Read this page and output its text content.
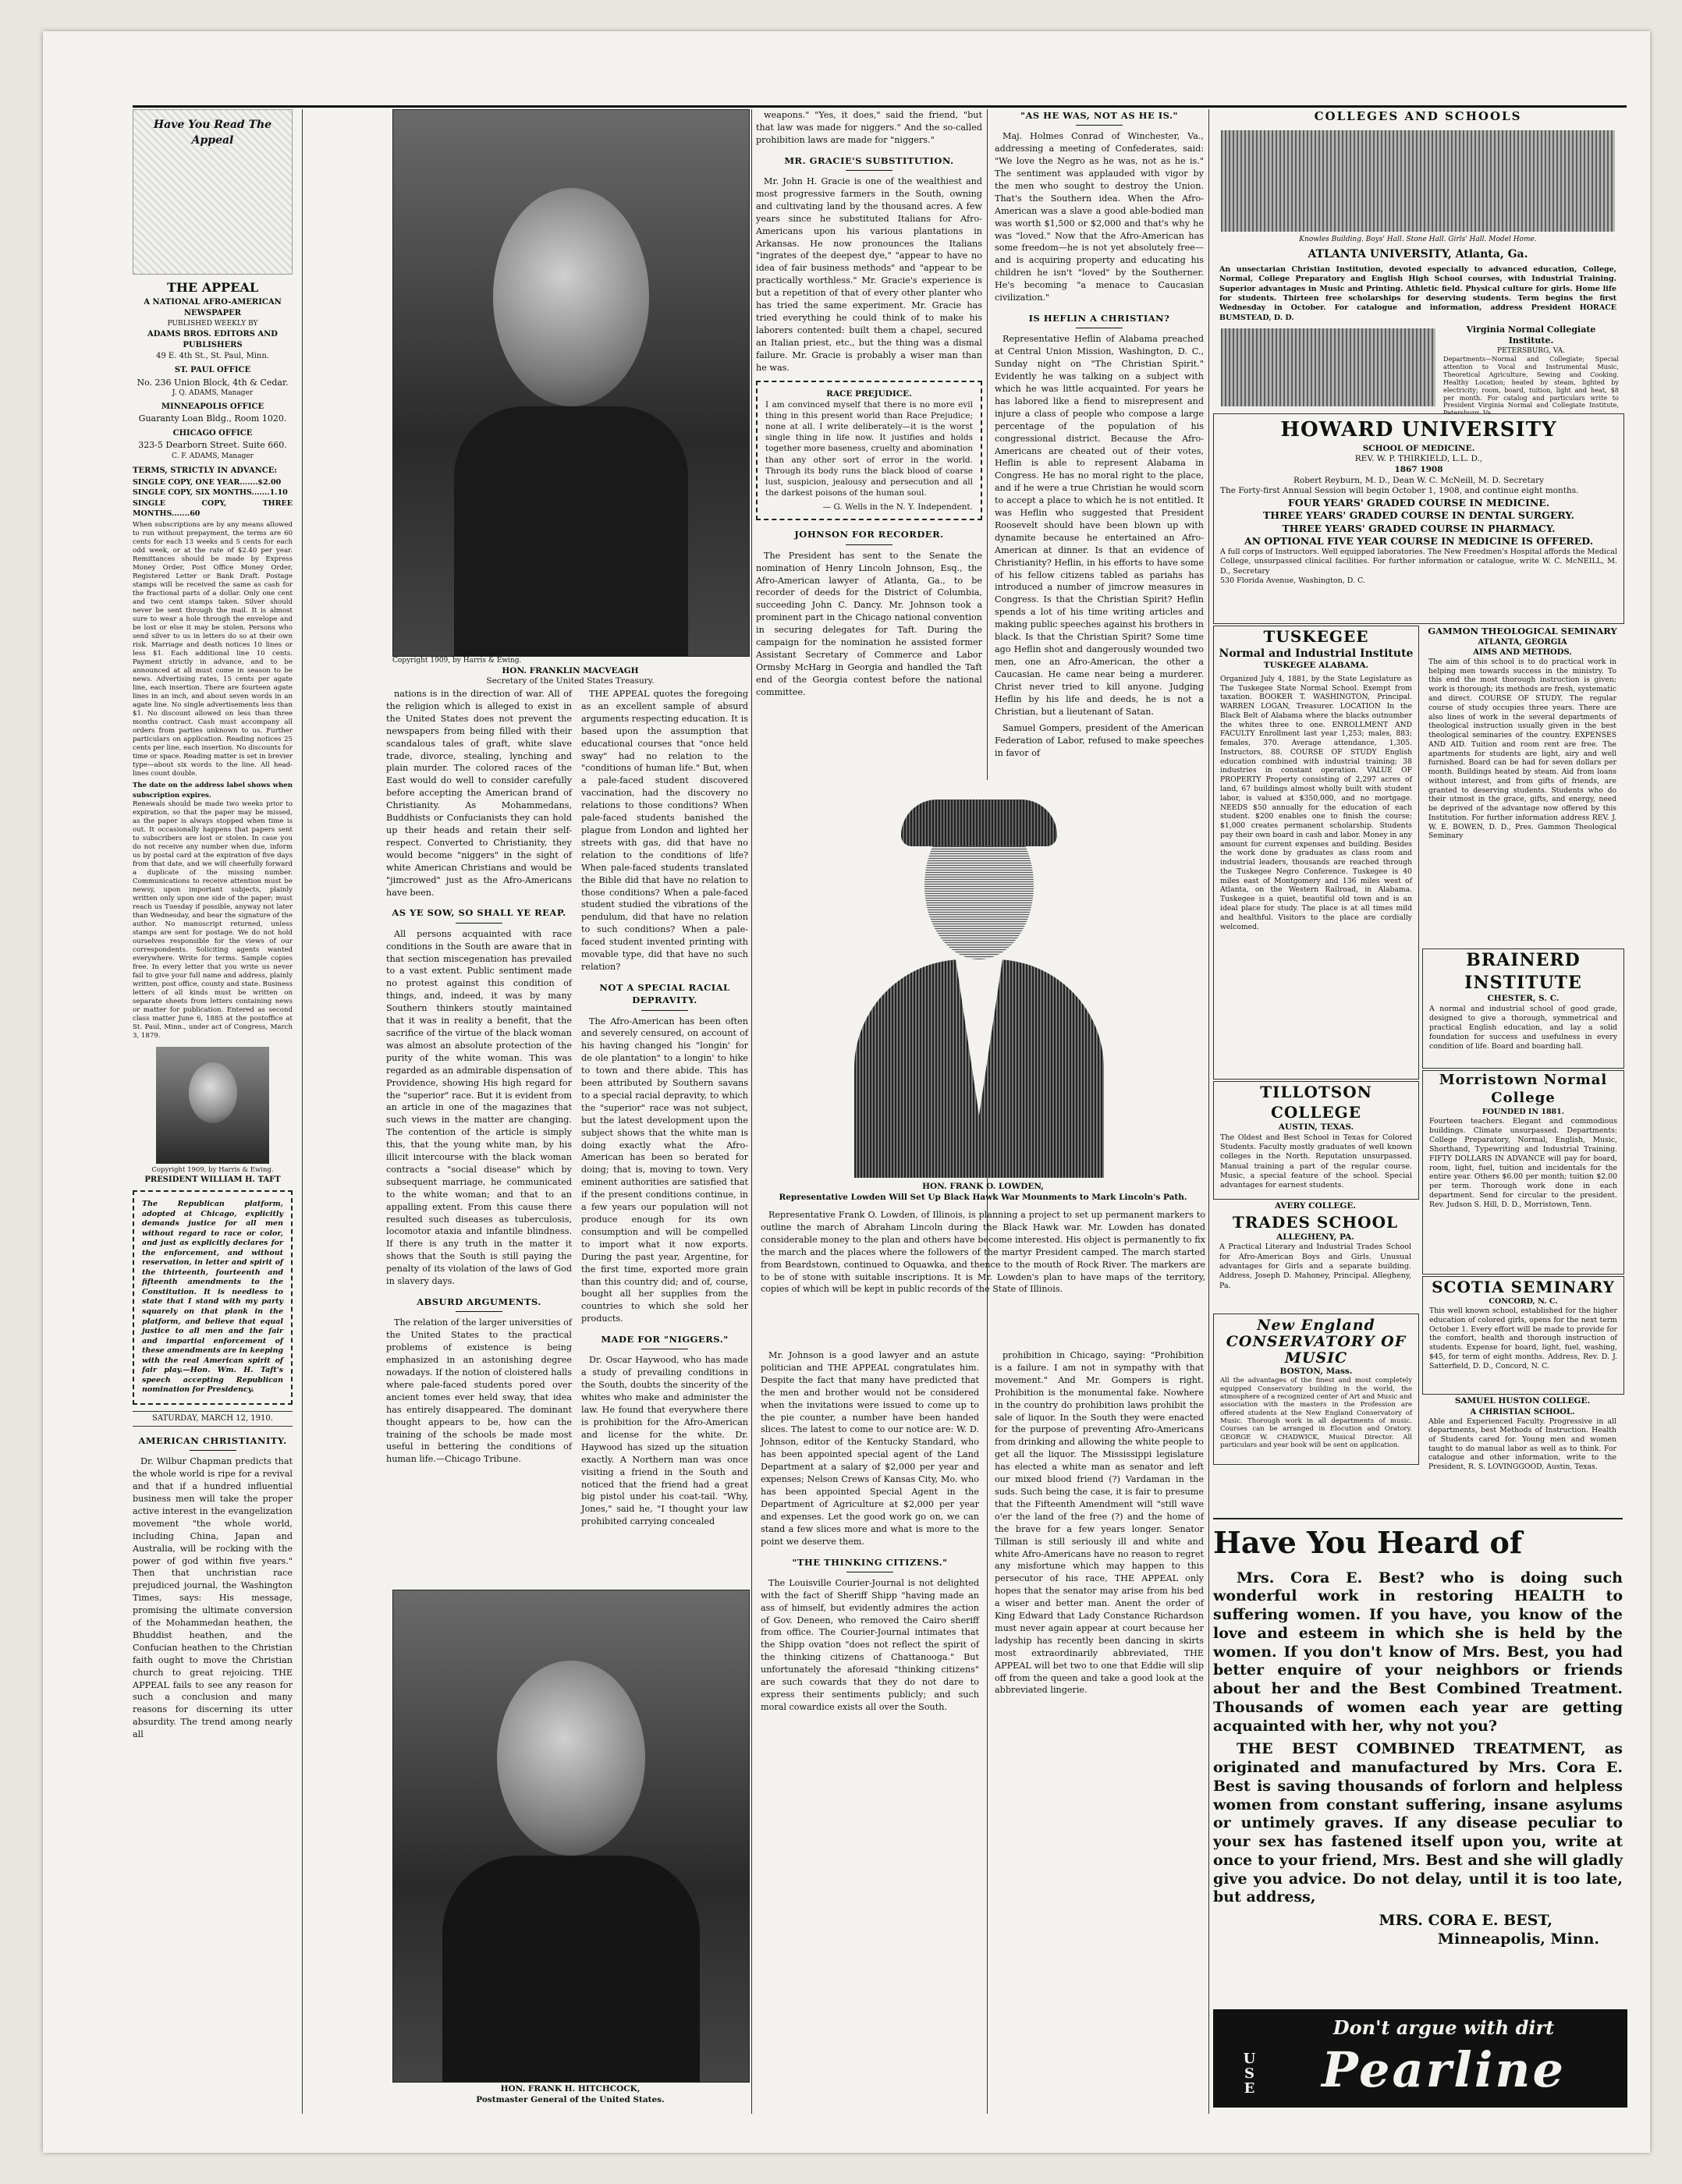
Have You Read The Appeal
THE APPEAL
A NATIONAL AFRO-AMERICAN NEWSPAPER
PUBLISHED WEEKLY BY
ADAMS BROS. EDITORS AND PUBLISHERS
49 E. 4th St., St. Paul, Minn.
ST. PAUL OFFICE
No. 236 Union Block, 4th & Cedar.
J. Q. ADAMS, Manager
MINNEAPOLIS OFFICE
Guaranty Loan Bldg., Room 1020.
CHICAGO OFFICE
323-5 Dearborn Street. Suite 660.
C. F. ADAMS, Manager
TERMS, STRICTLY IN ADVANCE:
SINGLE COPY, ONE YEAR.......$2.00
SINGLE COPY, SIX MONTHS.......1.10
SINGLE COPY, THREE MONTHS.......60
When subscriptions are by any means allowed to run without prepayment, the terms are 60 cents for each 13 weeks and 5 cents for each odd week, or at the rate of $2.40 per year. Remittances should be made by Express Money Order, Post Office Money Order, Registered Letter or Bank Draft. Postage stamps will be received the same as cash for the fractional parts of a dollar. Only one cent and two cent stamps taken. Silver should never be sent through the mail. It is almost sure to wear a hole through the envelope and be lost or else it may be stolen. Persons who send silver to us in letters do so at their own risk. Marriage and death notices 10 lines or less $1. Each additional line 10 cents. Payment strictly in advance, and to be announced at all must come in season to be news. Advertising rates, 15 cents per agate line, each insertion. There are fourteen agate lines in an inch, and about seven words in an agate line. No single advertisements less than $1. No discount allowed on less than three months contract. Cash must accompany all orders from parties unknown to us. Further particulars on application. Reading notices 25 cents per line, each insertion. No discounts for time or space. Reading matter is set in brevier type—about six words to the line. All head-lines count double.
The date on the address label shows when subscription expires.
Renewals should be made two weeks prior to expiration, so that the paper may be missed, as the paper is always stopped when time is out. It occasionally happens that papers sent to subscribers are lost or stolen. In case you do not receive any number when due, inform us by postal card at the expiration of five days from that date, and we will cheerfully forward a duplicate of the missing number. Communications to receive attention must be newsy, upon important subjects, plainly written only upon one side of the paper; must reach us Tuesday if possible, anyway not later than Wednesday, and bear the signature of the author. No manuscript returned, unless stamps are sent for postage. We do not hold ourselves responsible for the views of our correspondents. Soliciting agents wanted everywhere. Write for terms. Sample copies free. In every letter that you write us never fail to give your full name and address, plainly written, post office, county and state. Business letters of all kinds must be written on separate sheets from letters containing news or matter for publication. Entered as second class matter June 6, 1885 at the postoffice at St. Paul, Minn., under act of Congress, March 3, 1879.
Copyright 1909, by Harris & Ewing.
PRESIDENT WILLIAM H. TAFT
The Republican platform, adopted at Chicago, explicitly demands justice for all men without regard to race or color, and just as explicitly declares for the enforcement, and without reservation, in letter and spirit of the thirteenth, fourteenth and fifteenth amendments to the Constitution. It is needless to state that I stand with my party squarely on that plank in the platform, and believe that equal justice to all men and the fair and impartial enforcement of these amendments are in keeping with the real American spirit of fair play.—Hon. Wm. H. Taft's speech accepting Republican nomination for Presidency.
SATURDAY, MARCH 12, 1910.
AMERICAN CHRISTIANITY.

Dr. Wilbur Chapman predicts that the whole world is ripe for a revival and that if a hundred influential business men will take the proper active interest in the evangelization movement "the whole world, including China, Japan and Australia, will be rocking with the power of god within five years." Then that unchristian race prejudiced journal, the Washington Times, says: His message, promising the ultimate conversion of the Mohammedan heathen, the Bhuddist heathen, and the Confucian heathen to the Christian faith ought to move the Christian church to great rejoicing. THE APPEAL fails to see any reason for such a conclusion and many reasons for discerning its utter absurdity. The trend among nearly all

Copyright 1909, by Harris & Ewing.
HON. FRANKLIN MACVEAGH
Secretary of the United States Treasury.

nations is in the direction of war. All of the religion which is alleged to exist in the United States does not prevent the newspapers from being filled with their scandalous tales of graft, white slave trade, divorce, stealing, lynching and plain murder. The colored races of the East would do well to consider carefully before accepting the American brand of Christianity. As Mohammedans, Buddhists or Confucianists they can hold up their heads and retain their self-respect. Converted to Christianity, they would become "niggers" in the sight of white American Christians and would be "jimcrowed" just as the Afro-Americans have been.

AS YE SOW, SO SHALL YE REAP.

All persons acquainted with race conditions in the South are aware that in that section miscegenation has prevailed to a vast extent. Public sentiment made no protest against this condition of things, and, indeed, it was by many Southern thinkers stoutly maintained that it was in reality a benefit, that the sacrifice of the virtue of the black woman was almost an absolute protection of the purity of the white woman. This was regarded as an admirable dispensation of Providence, showing His high regard for the "superior" race. But it is evident from an article in one of the magazines that such views in the matter are changing. The contention of the article is simply this, that the young white man, by his illicit intercourse with the black woman contracts a "social disease" which by subsequent marriage, he communicated to the white woman; and that to an appalling extent. From this cause there resulted such diseases as tuberculosis, locomotor ataxia and infantile blindness. If there is any truth in the matter it shows that the South is still paying the penalty of its violation of the laws of God in slavery days.

ABSURD ARGUMENTS.

The relation of the larger universities of the United States to the practical problems of existence is being emphasized in an astonishing degree nowadays. If the notion of cloistered halls where pale-faced students pored over ancient tomes ever held sway, that idea has entirely disappeared. The dominant thought appears to be, how can the training of the schools be made most useful in bettering the conditions of human life.—Chicago Tribune.

THE APPEAL quotes the foregoing as an excellent sample of absurd arguments respecting education. It is based upon the assumption that educational courses that "once held sway" had no relation to the "conditions of human life." But, when a pale-faced student discovered vaccination, had the discovery no relations to those conditions? When pale-faced students banished the plague from London and lighted her streets with gas, did that have no relation to the conditions of life? When pale-faced students translated the Bible did that have no relation to those conditions? When a pale-faced student studied the vibrations of the pendulum, did that have no relation to such conditions? When a pale-faced student invented printing with movable type, did that have no such relation?

NOT A SPECIAL RACIAL DEPRAVITY.

The Afro-American has been often and severely censured, on account of his having changed his "longin' for de ole plantation" to a longin' to hike to town and there abide. This has been attributed by Southern savans to a special racial depravity, to which the "superior" race was not subject, but the latest development upon the subject shows that the white man is doing exactly what the Afro-American has been so berated for doing; that is, moving to town. Very eminent authorities are satisfied that if the present conditions continue, in a few years our population will not produce enough for its own consumption and will be compelled to import what it now exports. During the past year, Argentine, for the first time, exported more grain than this country did; and of, course, bought all her supplies from the countries to which she sold her products.

MADE FOR "NIGGERS."

Dr. Oscar Haywood, who has made a study of prevailing conditions in the South, doubts the sincerity of the whites who make and administer the law. He found that everywhere there is prohibition for the Afro-American and license for the white. Dr. Haywood has sized up the situation exactly. A Northern man was once visiting a friend in the South and noticed that the friend had a great big pistol under his coat-tail. "Why, Jones," said he, "I thought your law prohibited carrying concealed

HON. FRANK H. HITCHCOCK,
Postmaster General of the United States.

weapons." "Yes, it does," said the friend, "but that law was made for niggers." And the so-called prohibition laws are made for "niggers."

MR. GRACIE'S SUBSTITUTION.

Mr. John H. Gracie is one of the wealthiest and most progressive farmers in the South, owning and cultivating land by the thousand acres. A few years since he substituted Italians for Afro-Americans upon his various plantations in Arkansas. He now pronounces the Italians "ingrates of the deepest dye," "appear to have no idea of fair business methods" and "appear to be practically worthless." Mr. Gracie's experience is but a repetition of that of every other planter who has tried the same experiment. Mr. Gracie has tried everything he could think of to make his laborers contented: built them a chapel, secured an Italian priest, etc., but the thing was a dismal failure. Mr. Gracie is probably a wiser man than he was.

RACE PREJUDICE.
I am convinced myself that there is no more evil thing in this present world than Race Prejudice; none at all. I write deliberately—it is the worst single thing in life now. It justifies and holds together more baseness, cruelty and abomination than any other sort of error in the world. Through its body runs the black blood of coarse lust, suspicion, jealousy and persecution and all the darkest poisons of the human soul.
— G. Wells in the N. Y. Independent.
JOHNSON FOR RECORDER.

The President has sent to the Senate the nomination of Henry Lincoln Johnson, Esq., the Afro-American lawyer of Atlanta, Ga., to be recorder of deeds for the District of Columbia, succeeding John C. Dancy. Mr. Johnson took a prominent part in the Chicago national convention in securing delegates for Taft. During the campaign for the nomination he assisted former Assistant Secretary of Commerce and Labor Ormsby McHarg in Georgia and handled the Taft end of the Georgia contest before the national committee.

"AS HE WAS, NOT AS HE IS."

Maj. Holmes Conrad of Winchester, Va., addressing a meeting of Confederates, said: "We love the Negro as he was, not as he is." The sentiment was applauded with vigor by the men who sought to destroy the Union. That's the Southern idea. When the Afro-American was a slave a good able-bodied man was worth $1,500 or $2,000 and that's why he was "loved." Now that the Afro-American has some freedom—he is not yet absolutely free—and is acquiring property and educating his children he isn't "loved" by the Southerner. He's becoming "a menace to Caucasian civilization."

IS HEFLIN A CHRISTIAN?

Representative Heflin of Alabama preached at Central Union Mission, Washington, D. C., Sunday night on "The Christian Spirit." Evidently he was talking on a subject with which he was little acquainted. For years he has labored like a fiend to misrepresent and injure a class of people who compose a large percentage of the population of his congressional district. Because the Afro-Americans are cheated out of their votes, Heflin is able to represent Alabama in Congress. He has no moral right to the place, and if he were a true Christian he would scorn to accept a place to which he is not entitled. It was Heflin who suggested that President Roosevelt should have been blown up with dynamite because he entertained an Afro-American at dinner. Is that an evidence of Christianity? Heflin, in his efforts to have some of his fellow citizens tabled as pariahs has introduced a number of jimcrow measures in Congress. Is that the Christian Spirit? Heflin spends a lot of his time writing articles and making public speeches against his brothers in black. Is that the Christian Spirit? Some time ago Heflin shot and dangerously wounded two men, one an Afro-American, the other a Caucasian. He came near being a murderer. Christ never tried to kill anyone. Judging Heflin by his life and deeds, he is not a Christian, but a lieutenant of Satan.

Samuel Gompers, president of the American Federation of Labor, refused to make speeches in favor of

HON. FRANK O. LOWDEN,
Representative Lowden Will Set Up Black Hawk War Mounments to Mark Lincoln's Path.

Representative Frank O. Lowden, of Illinois, is planning a project to set up permanent markers to outline the march of Abraham Lincoln during the Black Hawk war. Mr. Lowden has donated considerable money to the plan and others have become interested. His object is permanently to fix the march and the places where the followers of the martyr President camped. The march started from Beardstown, continued to Oquawka, and thence to the mouth of Rock River. The markers are to be of stone with suitable inscriptions. It is Mr. Lowden's plan to have maps of the territory, copies of which will be kept in public records of the State of Illinois.

Mr. Johnson is a good lawyer and an astute politician and THE APPEAL congratulates him. Despite the fact that many have predicted that the men and brother would not be considered when the invitations were issued to come up to the pie counter, a number have been handed slices. The latest to come to our notice are: W. D. Johnson, editor of the Kentucky Standard, who has been appointed special agent of the Land Department at a salary of $2,000 per year and expenses; Nelson Crews of Kansas City, Mo. who has been appointed Special Agent in the Department of Agriculture at $2,000 per year and expenses. Let the good work go on, we can stand a few slices more and what is more to the point we deserve them.

"THE THINKING CITIZENS."

The Louisville Courier-Journal is not delighted with the fact of Sheriff Shipp "having made an ass of himself, but evidently admires the action of Gov. Deneen, who removed the Cairo sheriff from office. The Courier-Journal intimates that the Shipp ovation "does not reflect the spirit of the thinking citizens of Chattanooga." But unfortunately the aforesaid "thinking citizens" are such cowards that they do not dare to express their sentiments publicly; and such moral cowardice exists all over the South.

prohibition in Chicago, saying: "Prohibition is a failure. I am not in sympathy with that movement." And Mr. Gompers is right. Prohibition is the monumental fake. Nowhere in the country do prohibition laws prohibit the sale of liquor. In the South they were enacted for the purpose of preventing Afro-Americans from drinking and allowing the white people to get all the liquor. The Mississippi legislature has elected a white man as senator and left our mixed blood friend (?) Vardaman in the suds. Such being the case, it is fair to presume that the Fifteenth Amendment will "still wave o'er the land of the free (?) and the home of the brave for a few years longer. Senator Tillman is still seriously ill and white and white Afro-Americans have no reason to regret any misfortune which may happen to this persecutor of his race, THE APPEAL only hopes that the senator may arise from his bed a wiser and better man. Anent the order of King Edward that Lady Constance Richardson must never again appear at court because her ladyship has recently been dancing in skirts most extraordinarily abbreviated, THE APPEAL will bet two to one that Eddie will slip off from the queen and take a good look at the abbreviated lingerie.

COLLEGES AND SCHOOLS
Knowles Building. Boys' Hall. Stone Hall. Girls' Hall. Model Home.
ATLANTA UNIVERSITY, Atlanta, Ga.
An unsectarian Christian Institution, devoted especially to advanced education, College, Normal, College Preparatory and English High School courses, with Industrial Training. Superior advantages in Music and Printing. Athletic field. Physical culture for girls. Home life for students. Thirteen free scholarships for deserving students. Term begins the first Wednesday in October. For catalogue and information, address President HORACE BUMSTEAD, D. D.
Virginia Normal Collegiate Institute.
PETERSBURG, VA.
Departments—Normal and Collegiate; Special attention to Vocal and Instrumental Music, Theoretical Agriculture, Sewing and Cooking. Healthy Location; heated by steam, lighted by electricity; room, board, tuition, light and heat, $8 per month. For catalog and particulars write to President Virginia Normal and Collegiate Institute,
HOWARD UNIVERSITY
SCHOOL OF MEDICINE.
REV. W. P. THIRKIELD, L.L. D.,
1867 1908
Robert Reyburn, M. D., Dean W. C. McNeill, M. D. Secretary
The Forty-first Annual Session will begin October 1, 1908, and continue eight months.
FOUR YEARS' GRADED COURSE IN MEDICINE.
THREE YEARS' GRADED COURSE IN DENTAL SURGERY.
THREE YEARS' GRADED COURSE IN PHARMACY.
AN OPTIONAL FIVE YEAR COURSE IN MEDICINE IS OFFERED.
A full corps of Instructors. Well equipped laboratories. The New Freedmen's Hospital affords the Medical College, unsurpassed clinical facilities. For further information or catalogue, write W. C. McNEILL, M. D., Secretary
530 Florida Avenue, Washington, D. C.
TUSKEGEE
Normal and Industrial Institute
TUSKEGEE ALABAMA.
Organized July 4, 1881, by the State Legislature as The Tuskegee State Normal School. Exempt from taxation. BOOKER T. WASHINGTON, Principal. WARREN LOGAN, Treasurer. LOCATION In the Black Belt of Alabama where the blacks outnumber the whites three to one. ENROLLMENT AND FACULTY Enrollment last year 1,253; males, 883; females, 370. Average attendance, 1,305. Instructors, 88. COURSE OF STUDY English education combined with industrial training; 38 industries in constant operation. VALUE OF PROPERTY Property consisting of 2,297 acres of land, 67 buildings almost wholly built with student labor, is valued at $350,000, and no mortgage. NEEDS $50 annually for the education of each student. $200 enables one to finish the course; $1,000 creates permanent scholarship. Students pay their own board in cash and labor. Money in any amount for current expenses and building. Besides the work done by graduates as class room and industrial leaders, thousands are reached through the Tuskegee Negro Conference. Tuskegee is 40 miles east of Montgomery and 136 miles west of Atlanta, on the Western Railroad, in Alabama. Tuskegee is a quiet, beautiful old town and is an ideal place for study. The place is at all times mild and healthful. Visitors to the place are cordially welcomed.
TILLOTSON COLLEGE
AUSTIN, TEXAS.
The Oldest and Best School in Texas for Colored Students. Faculty mostly graduates of well known colleges in the North. Reputation unsurpassed. Manual training a part of the regular course. Music, a special feature of the school. Special advantages for earnest students.
AVERY COLLEGE.
TRADES SCHOOL
ALLEGHENY, PA.
A Practical Literary and Industrial Trades School for Afro-American Boys and Girls. Unusual advantages for Girls and a separate building. Address, Joseph D. Mahoney, Principal. Allegheny, Pa.
New England CONSERVATORY OF MUSIC
BOSTON, Mass.
All the advantages of the finest and most completely equipped Conservatory building in the world, the atmosphere of a recognized center of Art and Music and association with the masters in the Profession are offered students at the New England Conservatory of Music. Thorough work in all departments of music. Courses can be arranged in Elocution and Oratory. GEORGE W. CHADWICK, Musical Director. All particulars and year book will be sent on application.
GAMMON THEOLOGICAL SEMINARY
ATLANTA, GEORGIA
AIMS AND METHODS.
The aim of this school is to do practical work in helping men towards success in the ministry. To this end the most thorough instruction is given; work is thorough; its methods are fresh, systematic and direct. COURSE OF STUDY. The regular course of study occupies three years. There are also lines of work in the several departments of theological instruction usually given in the best theological seminaries of the country. EXPENSES AND AID. Tuition and room rent are free. The apartments for students are light, airy and well furnished. Board can be had for seven dollars per month. Buildings heated by steam. Aid from loans without interest, and from gifts of friends, are granted to deserving students. Students who do their utmost in the grace, gifts, and energy, need be deprived of the advantage now offered by this Institution. For further information address REV. J. W. E. BOWEN, D. D., Pres. Gammon Theological Seminary
BRAINERD INSTITUTE
CHESTER, S. C.
A normal and industrial school of good grade, designed to give a thorough, symmetrical and practical English education, and lay a solid foundation for success and usefulness in every condition of life. Board and boarding hall.
Morristown Normal College
FOUNDED IN 1881.
Fourteen teachers. Elegant and commodious buildings. Climate unsurpassed. Departments: College Preparatory, Normal, English, Music, Shorthand, Typewriting and Industrial Training. FIFTY DOLLARS IN ADVANCE will pay for board, room, light, fuel, tuition and incidentals for the entire year. Others $6.00 per month; tuition $2.00 per term. Thorough work done in each department. Send for circular to the president. Rev. Judson S. Hill, D. D., Morristown, Tenn.
SCOTIA SEMINARY
CONCORD, N. C.
This well known school, established for the higher education of colored girls, opens for the next term October 1. Every effort will be made to provide for the comfort, health and thorough instruction of students. Expense for board, light, fuel, washing, $45, for term of eight months. Address, Rev. D. J. Satterfield, D. D., Concord, N. C.
SAMUEL HUSTON COLLEGE.
A CHRISTIAN SCHOOL.
Able and Experienced Faculty. Progressive in all departments, best Methods of Instruction. Health of Students cared for. Young men and women taught to do manual labor as well as to think. For catalogue and other information, write to the President, R. S. LOVINGGOOD, Austin, Texas.
Have You Heard of
Mrs. Cora E. Best? who is doing such wonderful work in restoring HEALTH to suffering women. If you have, you know of the love and esteem in which she is held by the women. If you don't know of Mrs. Best, you had better enquire of your neighbors or friends about her and the Best Combined Treatment. Thousands of women each year are getting acquainted with her, why not you?
THE BEST COMBINED TREATMENT, as originated and manufactured by Mrs. Cora E. Best is saving thousands of forlorn and helpless women from constant suffering, insane asylums or untimely graves. If any disease peculiar to your sex has fastened itself upon you, write at once to your friend, Mrs. Best and she will gladly give you advice. Do not delay, until it is too late, but address,
MRS. CORA E. BEST,
Minneapolis, Minn.
Don't argue with dirt
USE	Pearline
